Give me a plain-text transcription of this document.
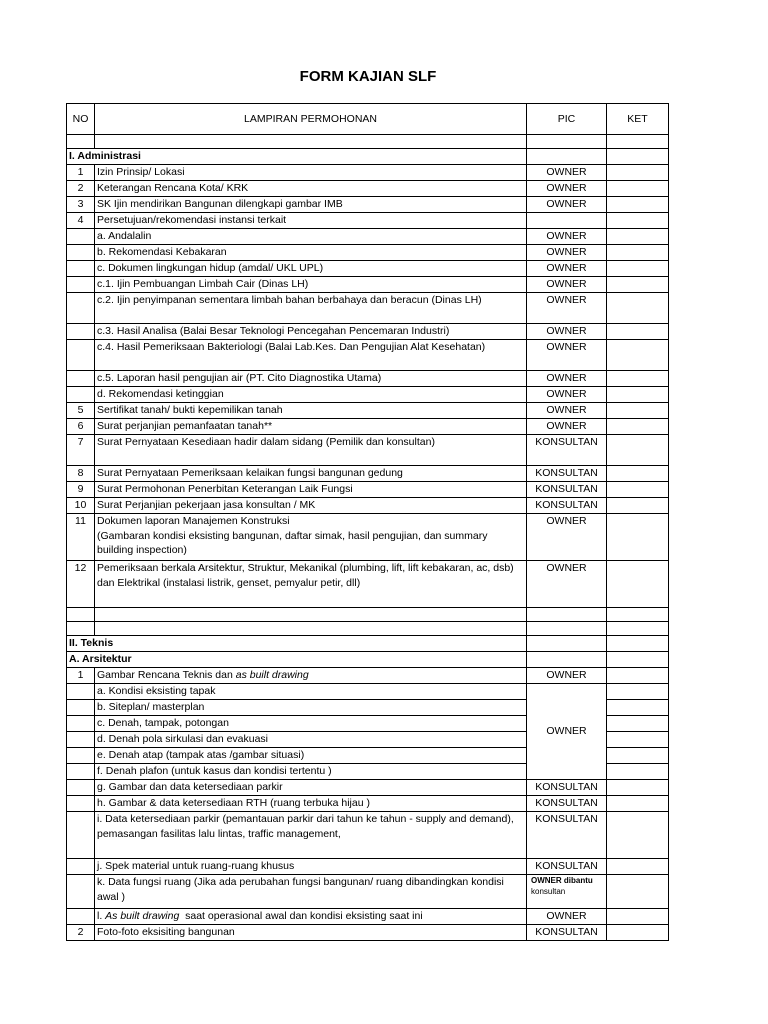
FORM KAJIAN SLF
NO	LAMPIRAN PERMOHONAN	PIC	KET

I. Administrasi			
1	Izin Prinsip/ Lokasi	OWNER	
2	Keterangan Rencana Kota/ KRK	OWNER	
3	SK Ijin mendirikan Bangunan dilengkapi gambar IMB	OWNER	
4	Persetujuan/rekomendasi instansi terkait		
	a. Andalalin	OWNER	
	b. Rekomendasi Kebakaran	OWNER	
	c. Dokumen lingkungan hidup (amdal/ UKL UPL)	OWNER	
	c.1. Ijin Pembuangan Limbah Cair (Dinas LH)	OWNER	
	c.2. Ijin penyimpanan sementara limbah bahan berbahaya dan beracun (Dinas LH)	OWNER	
	c.3. Hasil Analisa (Balai Besar Teknologi Pencegahan Pencemaran Industri)	OWNER	
	c.4. Hasil Pemeriksaan Bakteriologi (Balai Lab.Kes. Dan Pengujian Alat Kesehatan)	OWNER	
	c.5. Laporan hasil pengujian air (PT. Cito Diagnostika Utama)	OWNER	
	d. Rekomendasi ketinggian	OWNER	
5	Sertifikat tanah/ bukti kepemilikan tanah	OWNER	
6	Surat perjanjian pemanfaatan tanah**	OWNER	
7	Surat Pernyataan Kesediaan hadir dalam sidang (Pemilik dan konsultan)	KONSULTAN	
8	Surat Pernyataan Pemeriksaan kelaikan fungsi bangunan gedung	KONSULTAN	
9	Surat Permohonan Penerbitan Keterangan Laik Fungsi	KONSULTAN	
10	Surat Perjanjian pekerjaan jasa konsultan / MK	KONSULTAN	
11	Dokumen laporan Manajemen Konstruksi
(Gambaran kondisi eksisting bangunan, daftar simak, hasil pengujian, dan summary building inspection)	OWNER	
12	Pemeriksaan berkala Arsitektur, Struktur, Mekanikal (plumbing, lift, lift kebakaran, ac, dsb) dan Elektrikal (instalasi listrik, genset, pemyalur petir, dll)	OWNER	

II. Teknis			
A. Arsitektur			
1	Gambar Rencana Teknis dan as built drawing	OWNER	
	a. Kondisi eksisting tapak	OWNER	
	b. Siteplan/ masterplan		
	c. Denah, tampak, potongan		
	d. Denah pola sirkulasi dan evakuasi		
	e. Denah atap (tampak atas /gambar situasi)		
	f. Denah plafon (untuk kasus dan kondisi tertentu )		
	g. Gambar dan data ketersediaan parkir	KONSULTAN	
	h. Gambar & data ketersediaan RTH (ruang terbuka hijau )	KONSULTAN	
	i. Data ketersediaan parkir (pemantauan parkir dari tahun ke tahun - supply and demand), pemasangan fasilitas lalu lintas, traffic management,	KONSULTAN	
	j. Spek material untuk ruang-ruang khusus	KONSULTAN	
	k. Data fungsi ruang (Jika ada perubahan fungsi bangunan/ ruang dibandingkan kondisi awal )	OWNER dibantu
konsultan	

	l. As built drawing  saat operasional awal dan kondisi eksisting saat ini	OWNER	
2	Foto-foto eksisiting bangunan	KONSULTAN	
